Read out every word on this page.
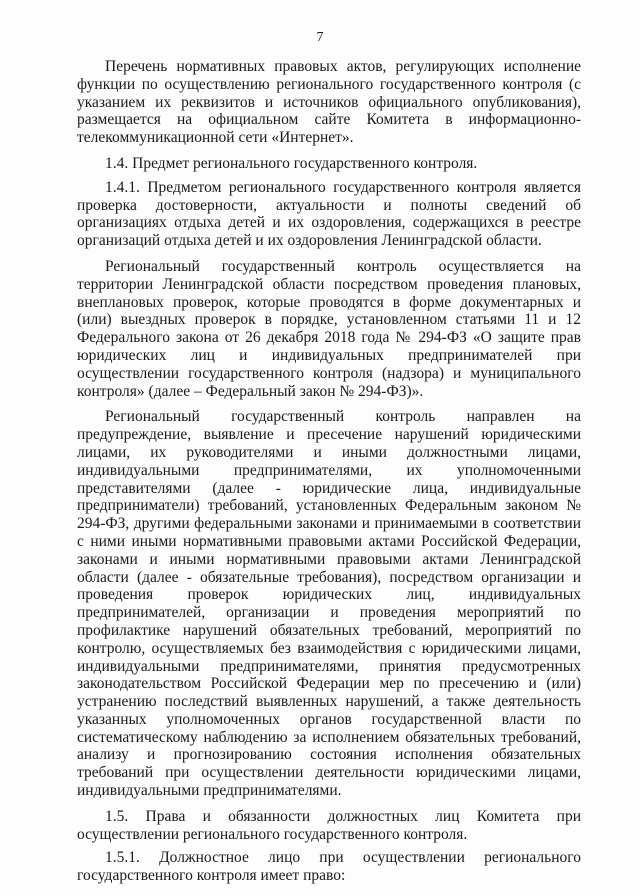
7

Перечень нормативных правовых актов, регулирующих исполнение функции по осуществлению регионального государственного контроля (с указанием их реквизитов и источников официального опубликования), размещается на официальном сайте Комитета в информационно-телекоммуникационной сети «Интернет».

1.4. Предмет регионального государственного контроля.

1.4.1. Предметом регионального государственного контроля является проверка достоверности, актуальности и полноты сведений об организациях отдыха детей и их оздоровления, содержащихся в реестре организаций отдыха детей и их оздоровления Ленинградской области.

Региональный государственный контроль осуществляется на территории Ленинградской области посредством проведения плановых, внеплановых проверок, которые проводятся в форме документарных и (или) выездных проверок в порядке, установленном статьями 11 и 12 Федерального закона от 26 декабря 2018 года № 294-ФЗ «О защите прав юридических лиц и индивидуальных предпринимателей при осуществлении государственного контроля (надзора) и муниципального контроля» (далее – Федеральный закон № 294-ФЗ)».

Региональный государственный контроль направлен на предупреждение, выявление и пресечение нарушений юридическими лицами, их руководителями и иными должностными лицами, индивидуальными предпринимателями, их уполномоченными представителями (далее - юридические лица, индивидуальные предприниматели) требований, установленных Федеральным законом № 294-ФЗ, другими федеральными законами и принимаемыми в соответствии с ними иными нормативными правовыми актами Российской Федерации, законами и иными нормативными правовыми актами Ленинградской области (далее - обязательные требования), посредством организации и проведения проверок юридических лиц, индивидуальных предпринимателей, организации и проведения мероприятий по профилактике нарушений обязательных требований, мероприятий по контролю, осуществляемых без взаимодействия с юридическими лицами, индивидуальными предпринимателями, принятия предусмотренных законодательством Российской Федерации мер по пресечению и (или) устранению последствий выявленных нарушений, а также деятельность указанных уполномоченных органов государственной власти по систематическому наблюдению за исполнением обязательных требований, анализу и прогнозированию состояния исполнения обязательных требований при осуществлении деятельности юридическими лицами, индивидуальными предпринимателями.

1.5. Права и обязанности должностных лиц Комитета при осуществлении регионального государственного контроля.

1.5.1. Должностное лицо при осуществлении регионального государственного контроля имеет право:
